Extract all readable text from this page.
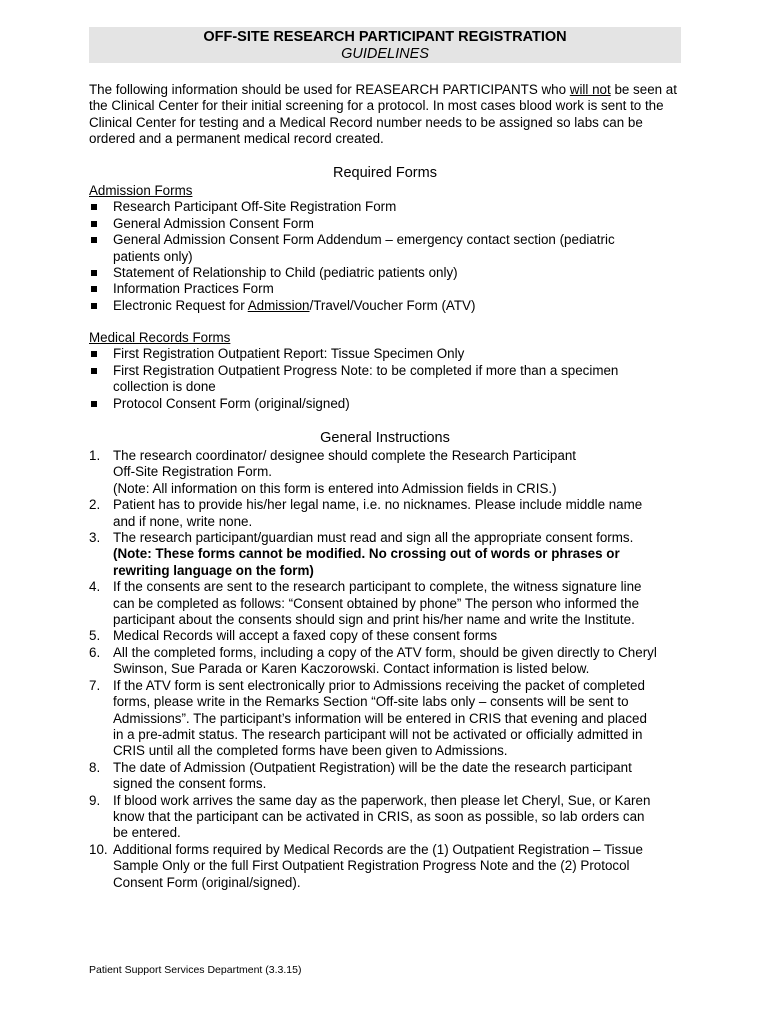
OFF-SITE RESEARCH PARTICIPANT REGISTRATION
GUIDELINES
The following information should be used for REASEARCH PARTICIPANTS who will not be seen at the Clinical Center for their initial screening for a protocol. In most cases blood work is sent to the Clinical Center for testing and a Medical Record number needs to be assigned so labs can be ordered and a permanent medical record created.
Required Forms
Admission Forms
Research Participant Off-Site Registration Form
General Admission Consent Form
General Admission Consent Form Addendum – emergency contact section (pediatric patients only)
Statement of Relationship to Child (pediatric patients only)
Information Practices Form
Electronic Request for Admission/Travel/Voucher Form (ATV)
Medical Records Forms
First Registration Outpatient Report: Tissue Specimen Only
First Registration Outpatient Progress Note: to be completed if more than a specimen collection is done
Protocol Consent Form (original/signed)
General Instructions
1. The research coordinator/ designee should complete the Research Participant
Off-Site Registration Form.
(Note: All information on this form is entered into Admission fields in CRIS.)
2. Patient has to provide his/her legal name, i.e. no nicknames. Please include middle name
and if none, write none.
3. The research participant/guardian must read and sign all the appropriate consent forms.
(Note: These forms cannot be modified. No crossing out of words or phrases or
rewriting language on the form)
4. If the consents are sent to the research participant to complete, the witness signature line
can be completed as follows: “Consent obtained by phone” The person who informed the
participant about the consents should sign and print his/her name and write the Institute.
5. Medical Records will accept a faxed copy of these consent forms
6. All the completed forms, including a copy of the ATV form, should be given directly to Cheryl
Swinson, Sue Parada or Karen Kaczorowski. Contact information is listed below.
7. If the ATV form is sent electronically prior to Admissions receiving the packet of completed
forms, please write in the Remarks Section “Off-site labs only – consents will be sent to
Admissions”. The participant’s information will be entered in CRIS that evening and placed
in a pre-admit status. The research participant will not be activated or officially admitted in
CRIS until all the completed forms have been given to Admissions.
8. The date of Admission (Outpatient Registration) will be the date the research participant
signed the consent forms.
9. If blood work arrives the same day as the paperwork, then please let Cheryl, Sue, or Karen
know that the participant can be activated in CRIS, as soon as possible, so lab orders can
be entered.
10. Additional forms required by Medical Records are the (1) Outpatient Registration – Tissue
Sample Only or the full First Outpatient Registration Progress Note and the (2) Protocol
Consent Form (original/signed).
Patient Support Services Department (3.3.15)
